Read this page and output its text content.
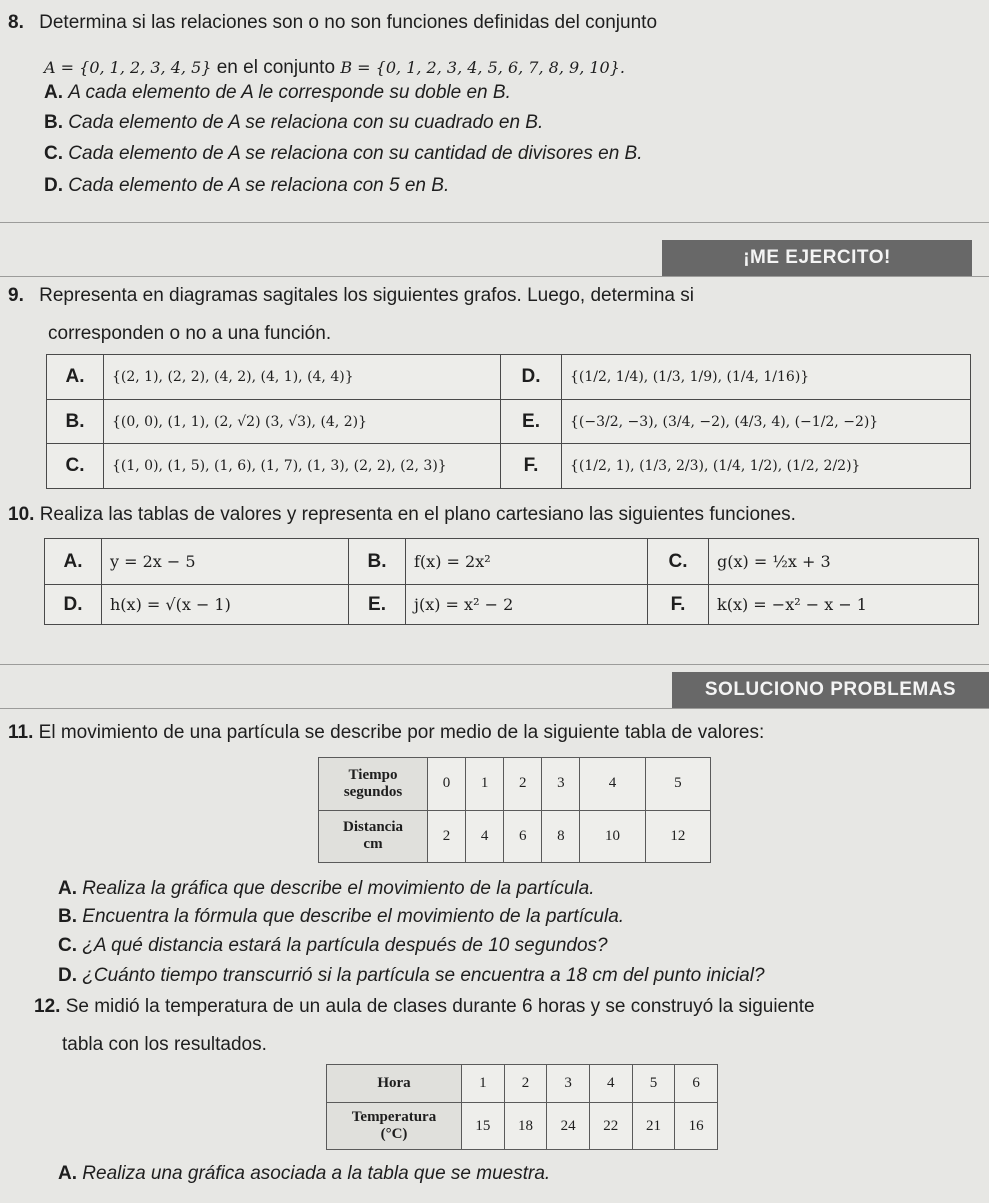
8. Determina si las relaciones son o no son funciones definidas del conjunto
A = {0, 1, 2, 3, 4, 5} en el conjunto B = {0, 1, 2, 3, 4, 5, 6, 7, 8, 9, 10}.
A. A cada elemento de A le corresponde su doble en B.
B. Cada elemento de A se relaciona con su cuadrado en B.
C. Cada elemento de A se relaciona con su cantidad de divisores en B.
D. Cada elemento de A se relaciona con 5 en B.
¡ME EJERCITO!
9. Representa en diagramas sagitales los siguientes grafos. Luego, determina si
corresponden o no a una función.
A.	{(2, 1), (2, 2), (4, 2), (4, 1), (4, 4)}	D.	{(1/2, 1/4), (1/3, 1/9), (1/4, 1/16)}
B.	{(0, 0), (1, 1), (2, √2) (3, √3), (4, 2)}	E.	{(−3/2, −3), (3/4, −2), (4/3, 4), (−1/2, −2)}
C.	{(1, 0), (1, 5), (1, 6), (1, 7), (1, 3), (2, 2), (2, 3)}	F.	{(1/2, 1), (1/3, 2/3), (1/4, 1/2), (1/2, 2/2)}
10. Realiza las tablas de valores y representa en el plano cartesiano las siguientes funciones.
A.	y = 2x − 5	B.	f(x) = 2x²	C.	g(x) = ½x + 3
D.	h(x) = √(x − 1)	E.	j(x) = x² − 2	F.	k(x) = −x² − x − 1
SOLUCIONO PROBLEMAS
11. El movimiento de una partícula se describe por medio de la siguiente tabla de valores:
Tiempo
segundos	0	1	2	3	4	5

Distancia
cm	2	4	6	8	10	12
A. Realiza la gráfica que describe el movimiento de la partícula.
B. Encuentra la fórmula que describe el movimiento de la partícula.
C. ¿A qué distancia estará la partícula después de 10 segundos?
D. ¿Cuánto tiempo transcurrió si la partícula se encuentra a 18 cm del punto inicial?
12. Se midió la temperatura de un aula de clases durante 6 horas y se construyó la siguiente
tabla con los resultados.
Hora	1	2	3	4	5	6

Temperatura
(°C)	15	18	24	22	21	16
A. Realiza una gráfica asociada a la tabla que se muestra.
